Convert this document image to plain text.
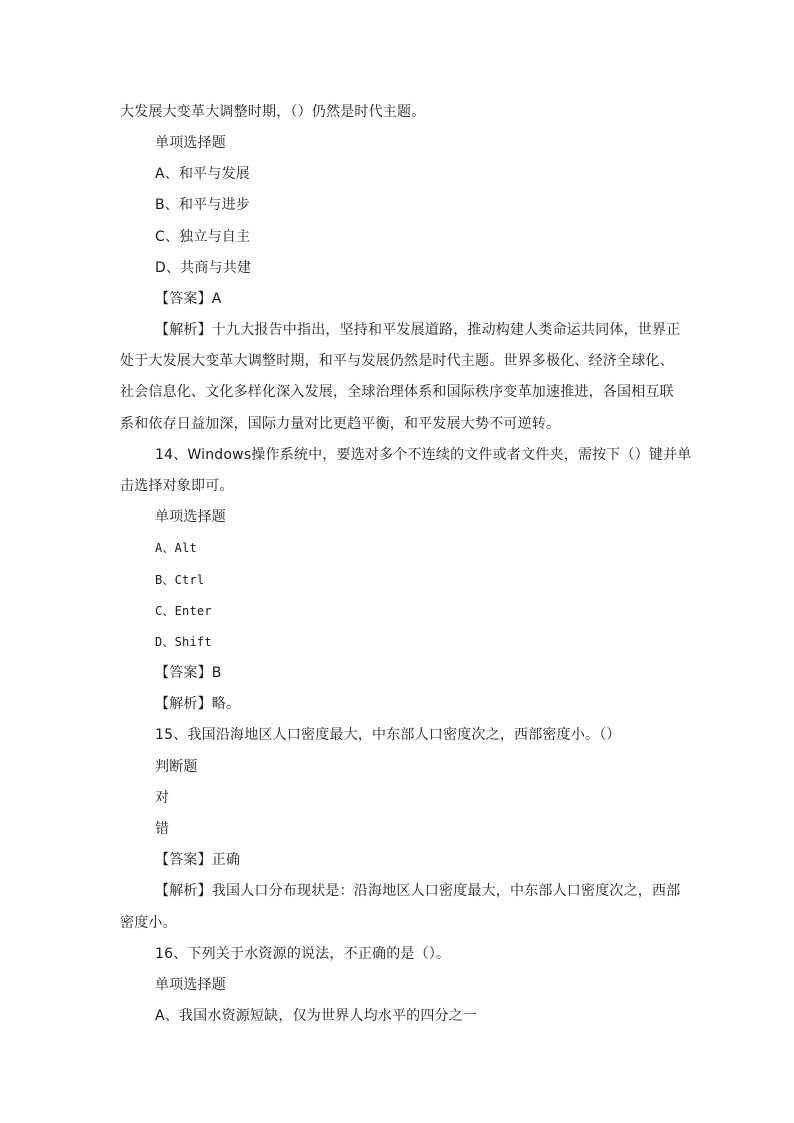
大发展大变革大调整时期，（）仍然是时代主题。
单项选择题
A、和平与发展
B、和平与进步
C、独立与自主
D、共商与共建
【答案】A
【解析】十九大报告中指出，坚持和平发展道路，推动构建人类命运共同体，世界正
处于大发展大变革大调整时期，和平与发展仍然是时代主题。世界多极化、经济全球化、
社会信息化、文化多样化深入发展，全球治理体系和国际秩序变革加速推进，各国相互联
系和依存日益加深，国际力量对比更趋平衡，和平发展大势不可逆转。
14、Windows操作系统中，要选对多个不连续的文件或者文件夹，需按下（）键并单
击选择对象即可。
单项选择题
A、Alt
B、Ctrl
C、Enter
D、Shift
【答案】B
【解析】略。
15、我国沿海地区人口密度最大，中东部人口密度次之，西部密度小。（）
判断题
对
错
【答案】正确
【解析】我国人口分布现状是：沿海地区人口密度最大，中东部人口密度次之，西部
密度小。
16、下列关于水资源的说法，不正确的是（）。
单项选择题
A、我国水资源短缺，仅为世界人均水平的四分之一
